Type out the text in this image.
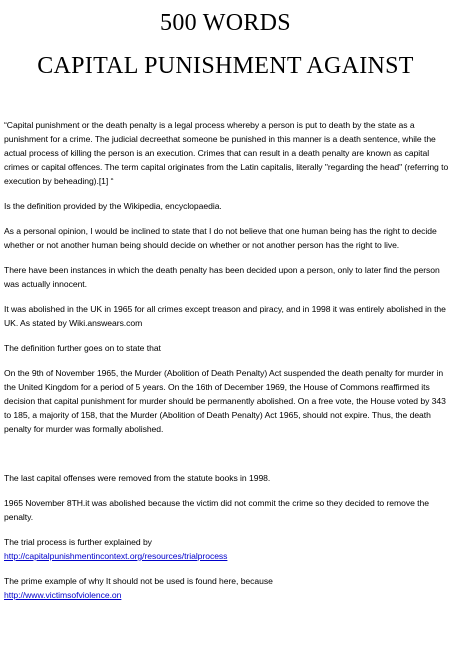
500 WORDS
CAPITAL PUNISHMENT AGAINST

“Capital punishment or the death penalty is a legal process whereby a person is put to death by the state as a punishment for a crime. The judicial decreethat someone be punished in this manner is a death sentence, while the actual process of killing the person is an execution. Crimes that can result in a death penalty are known as capital crimes or capital offences. The term capital originates from the Latin capitalis, literally "regarding the head" (referring to execution by beheading).[1] “

Is the definition provided by the Wikipedia, encyclopaedia.

As a personal opinion, I would be inclined to state that I do not believe that one human being has the right to decide whether or not another human being should decide on whether or not another person has the right to live.

There have been instances in which the death penalty has been decided upon a person, only to later find the person was actually innocent.

It was abolished in the UK in 1965 for all crimes except treason and piracy, and in 1998 it was entirely abolished in the UK. As stated by Wiki.answears.com

The definition further goes on to state that

On the 9th of November 1965, the Murder (Abolition of Death Penalty) Act suspended the death penalty for murder in the United Kingdom for a period of 5 years. On the 16th of December 1969, the House of Commons reaffirmed its decision that capital punishment for murder should be permanently abolished. On a free vote, the House voted by 343 to 185, a majority of 158, that the Murder (Abolition of Death Penalty) Act 1965, should not expire. Thus, the death penalty for murder was formally abolished.

The last capital offenses were removed from the statute books in 1998.

1965 November 8TH.it was abolished because the victim did not commit the crime so they decided to remove the penalty.

The trial process is further explained by
http://capitalpunishmentincontext.org/resources/trialprocess

The prime example of why It should not be used is found here, because
http://www.victimsofviolence.on
